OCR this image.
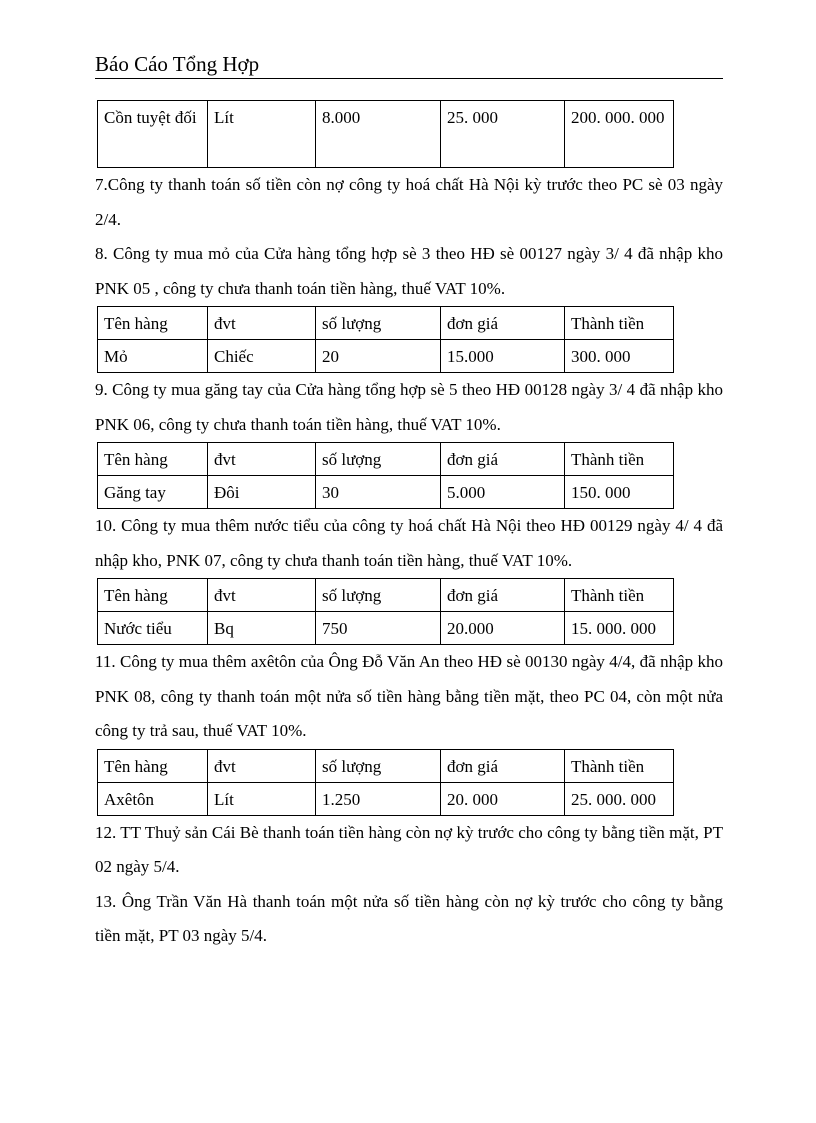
Báo Cáo Tổng Hợp
Cồn tuyệt đối	Lít	8.000	25. 000	200. 000. 000

7.Công ty thanh toán số tiền còn nợ công ty hoá chất Hà Nội kỳ trước theo PC sè 03 ngày 2/4.

8. Công ty mua mỏ của Cửa hàng tổng hợp sè 3 theo HĐ sè 00127 ngày 3/ 4 đã nhập kho PNK 05 , công ty chưa thanh toán tiền hàng, thuế VAT 10%.

Tên hàng	đvt	số lượng	đơn giá	Thành tiền
Mỏ	Chiếc	20	15.000	300. 000

9. Công ty mua găng tay của Cửa hàng tổng hợp sè 5 theo HĐ 00128 ngày 3/ 4 đã nhập kho PNK 06, công ty chưa thanh toán tiền hàng, thuế VAT 10%.

Tên hàng	đvt	số lượng	đơn giá	Thành tiền
Găng tay	Đôi	30	5.000	150. 000

10. Công ty mua thêm nước tiểu của công ty hoá chất Hà Nội theo HĐ 00129 ngày 4/ 4 đã nhập kho, PNK 07, công ty chưa thanh toán tiền hàng, thuế VAT 10%.

Tên hàng	đvt	số lượng	đơn giá	Thành tiền
Nước tiểu	Bq	750	20.000	15. 000. 000

11. Công ty mua thêm axêtôn của Ông Đỗ Văn An theo HĐ sè 00130 ngày 4/4, đã nhập kho PNK 08, công ty thanh toán một nửa số tiền hàng bằng tiền mặt, theo PC 04, còn một nửa công ty trả sau, thuế VAT 10%.

Tên hàng	đvt	số lượng	đơn giá	Thành tiền
Axêtôn	Lít	1.250	20. 000	25. 000. 000

12. TT Thuỷ sản Cái Bè thanh toán tiền hàng còn nợ kỳ trước cho công ty bằng tiền mặt, PT 02 ngày 5/4.

13. Ông Trần Văn Hà thanh toán một nửa số tiền hàng còn nợ kỳ trước cho công ty bằng tiền mặt, PT 03 ngày 5/4.
